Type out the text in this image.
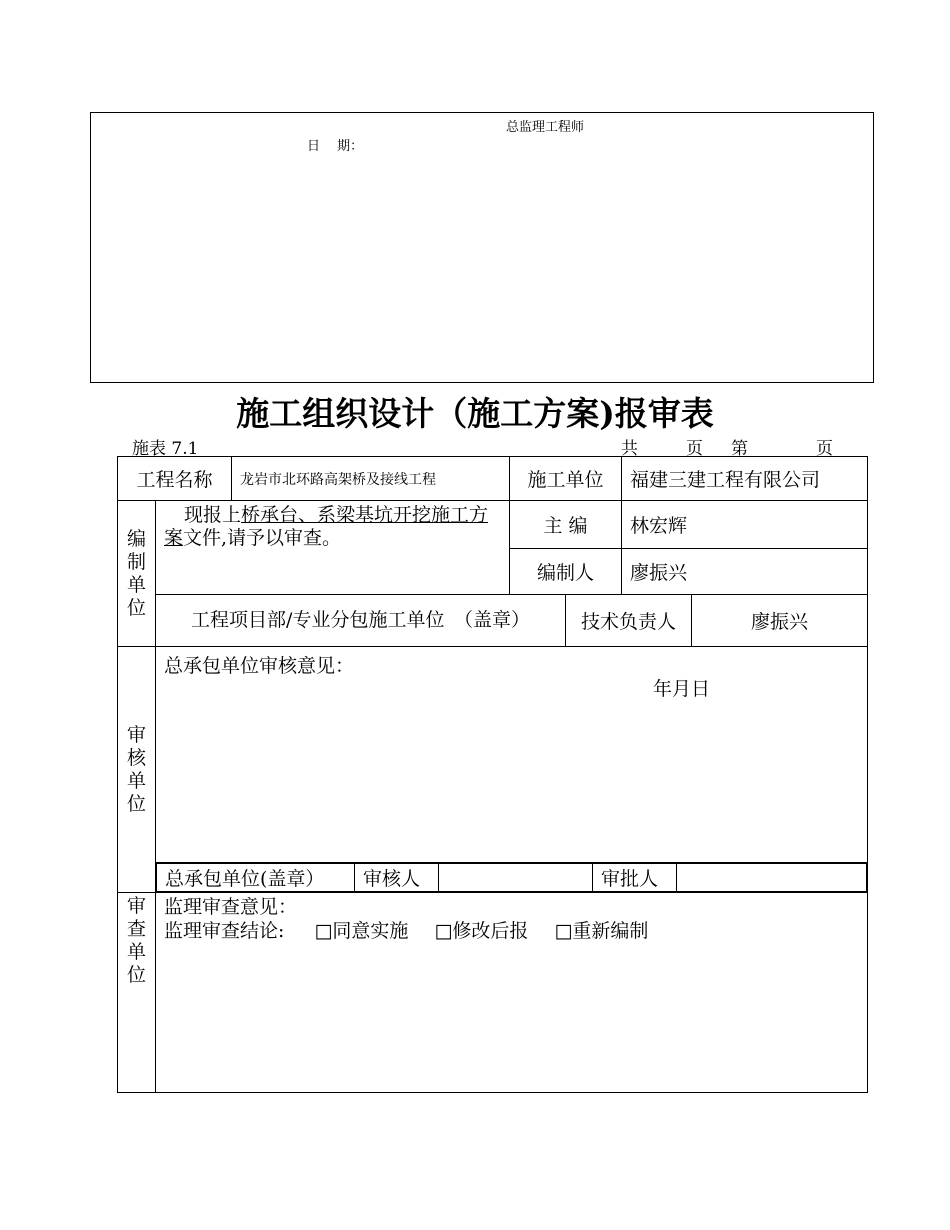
总监理工程师
日　 期：
施工组织设计（施工方案)报审表
施表 7.1	共	页 第	页
工程名称	龙岩市北环路高架桥及接线工程	施工单位	福建三建工程有限公司

编制单位
	现报上桥承台、系梁基坑开挖施工方案文件,请予以审查。	主 编	林宏辉
编制人	廖振兴
工程项目部/专业分包施工单位　（盖章）	技术负责人	廖振兴

审核单位

总承包单位审核意见：
年月日

总承包单位(盖章）	审核人		审批人	

审查单位

监理审查意见：
监理审查结论: □同意实施 □修改后报 □重新编制
